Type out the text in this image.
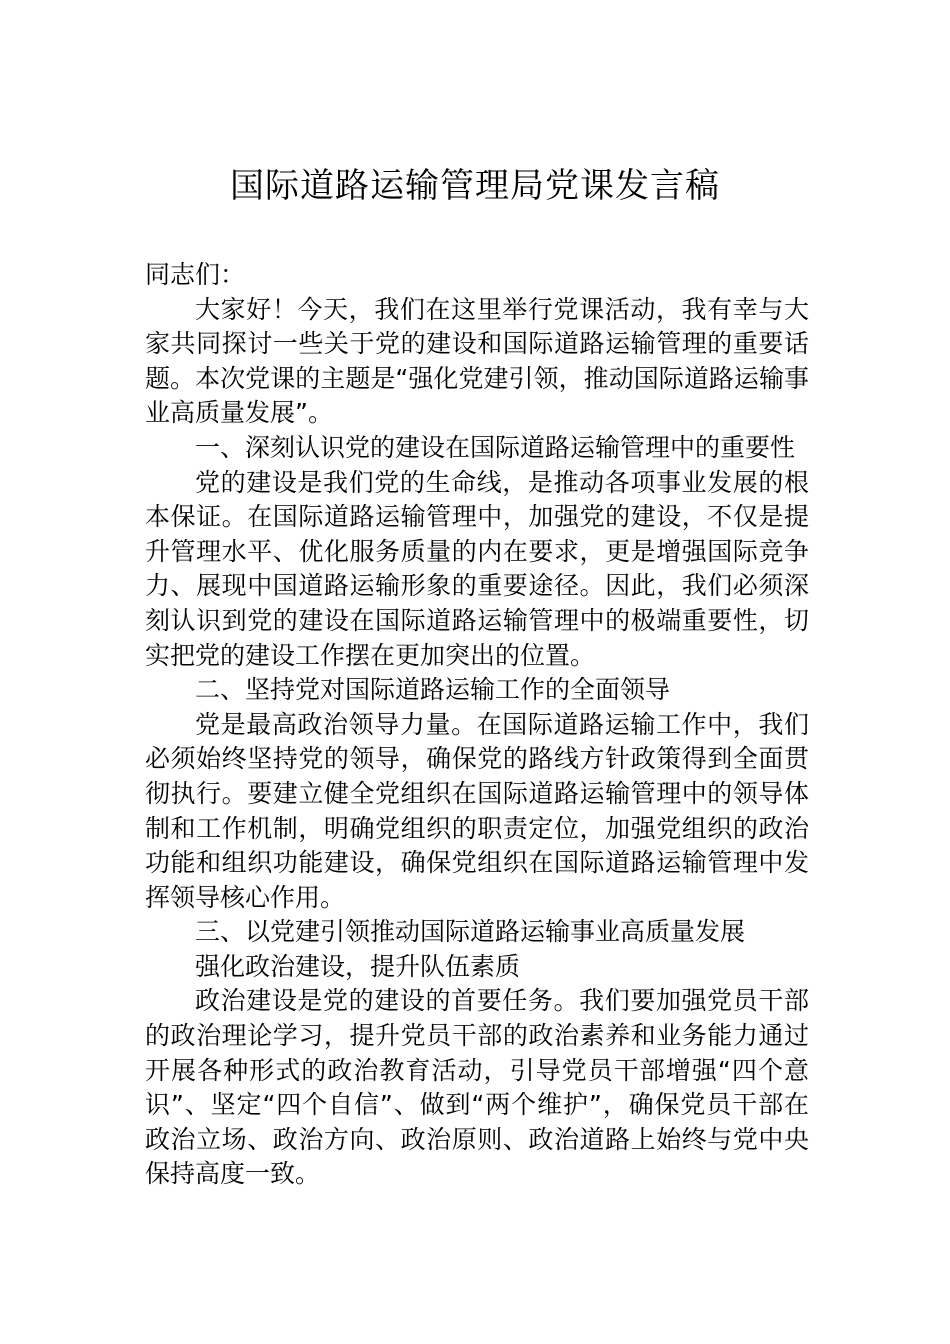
国际道路运输管理局党课发言稿

同志们：

大家好！今天，我们在这里举行党课活动，我有幸与大家共同探讨一些关于党的建设和国际道路运输管理的重要话题。本次党课的主题是“强化党建引领，推动国际道路运输事业高质量发展”。

一、深刻认识党的建设在国际道路运输管理中的重要性

党的建设是我们党的生命线，是推动各项事业发展的根本保证。在国际道路运输管理中，加强党的建设，不仅是提升管理水平、优化服务质量的内在要求，更是增强国际竞争力、展现中国道路运输形象的重要途径。因此，我们必须深刻认识到党的建设在国际道路运输管理中的极端重要性，切实把党的建设工作摆在更加突出的位置。

二、坚持党对国际道路运输工作的全面领导

党是最高政治领导力量。在国际道路运输工作中，我们必须始终坚持党的领导，确保党的路线方针政策得到全面贯彻执行。要建立健全党组织在国际道路运输管理中的领导体制和工作机制，明确党组织的职责定位，加强党组织的政治功能和组织功能建设，确保党组织在国际道路运输管理中发挥领导核心作用。

三、以党建引领推动国际道路运输事业高质量发展

强化政治建设，提升队伍素质

政治建设是党的建设的首要任务。我们要加强党员干部的政治理论学习，提升党员干部的政治素养和业务能力通过开展各种形式的政治教育活动，引导党员干部增强“四个意识”、坚定“四个自信”、做到“两个维护”，确保党员干部在政治立场、政治方向、政治原则、政治道路上始终与党中央保持高度一致。
